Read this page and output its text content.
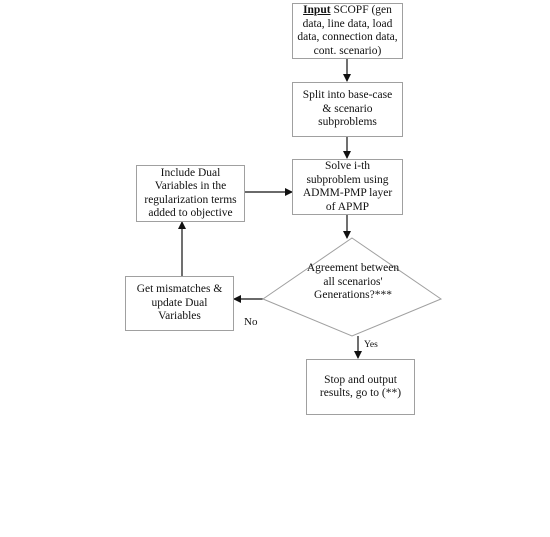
Input SCOPF (gen data, line data, load data, connection data, cont. scenario)
Split into base-case & scenario subproblems
Solve i-th subproblem using ADMM-PMP layer of APMP
Include Dual Variables in the regularization terms added to objective
Agreement between all scenarios' Generations?***
Get mismatches & update Dual Variables
Stop and output results, go to (**)
Yes
No
